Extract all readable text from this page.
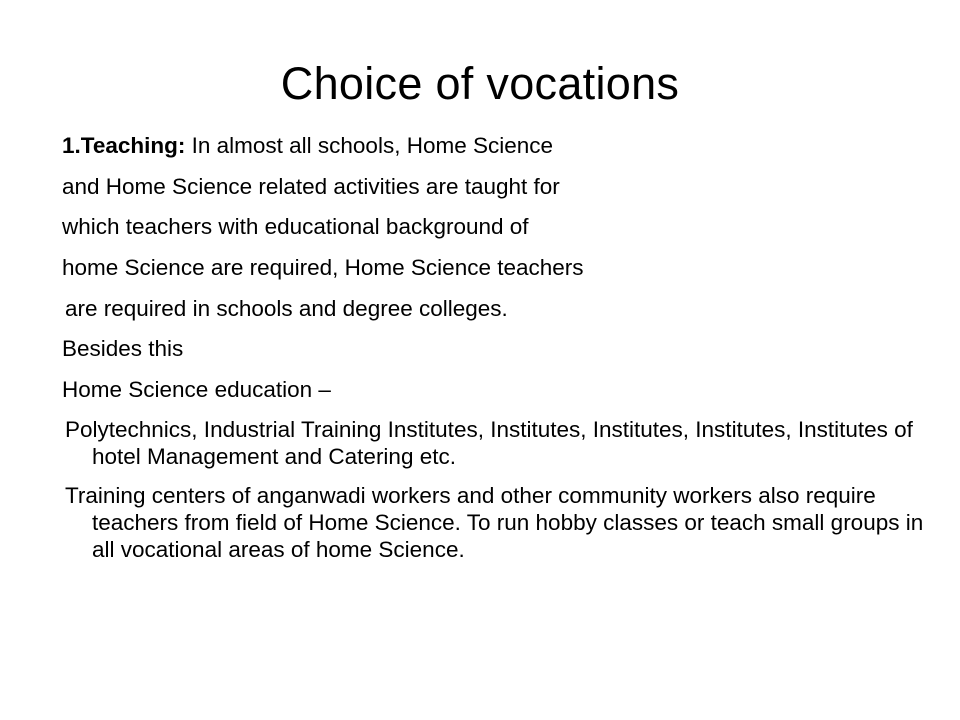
Choice of vocations
1.Teaching: In almost all schools, Home Science
and Home Science related activities are taught for
which teachers with educational background of
home Science are required, Home Science teachers
are required in schools and degree colleges.
Besides this
Home Science education –
Polytechnics, Industrial Training Institutes, Institutes, Institutes, Institutes, Institutes of hotel Management and Catering etc.
Training centers of anganwadi workers and other community workers also require teachers from field of Home Science. To run hobby classes or teach small groups in all vocational areas of home Science.
